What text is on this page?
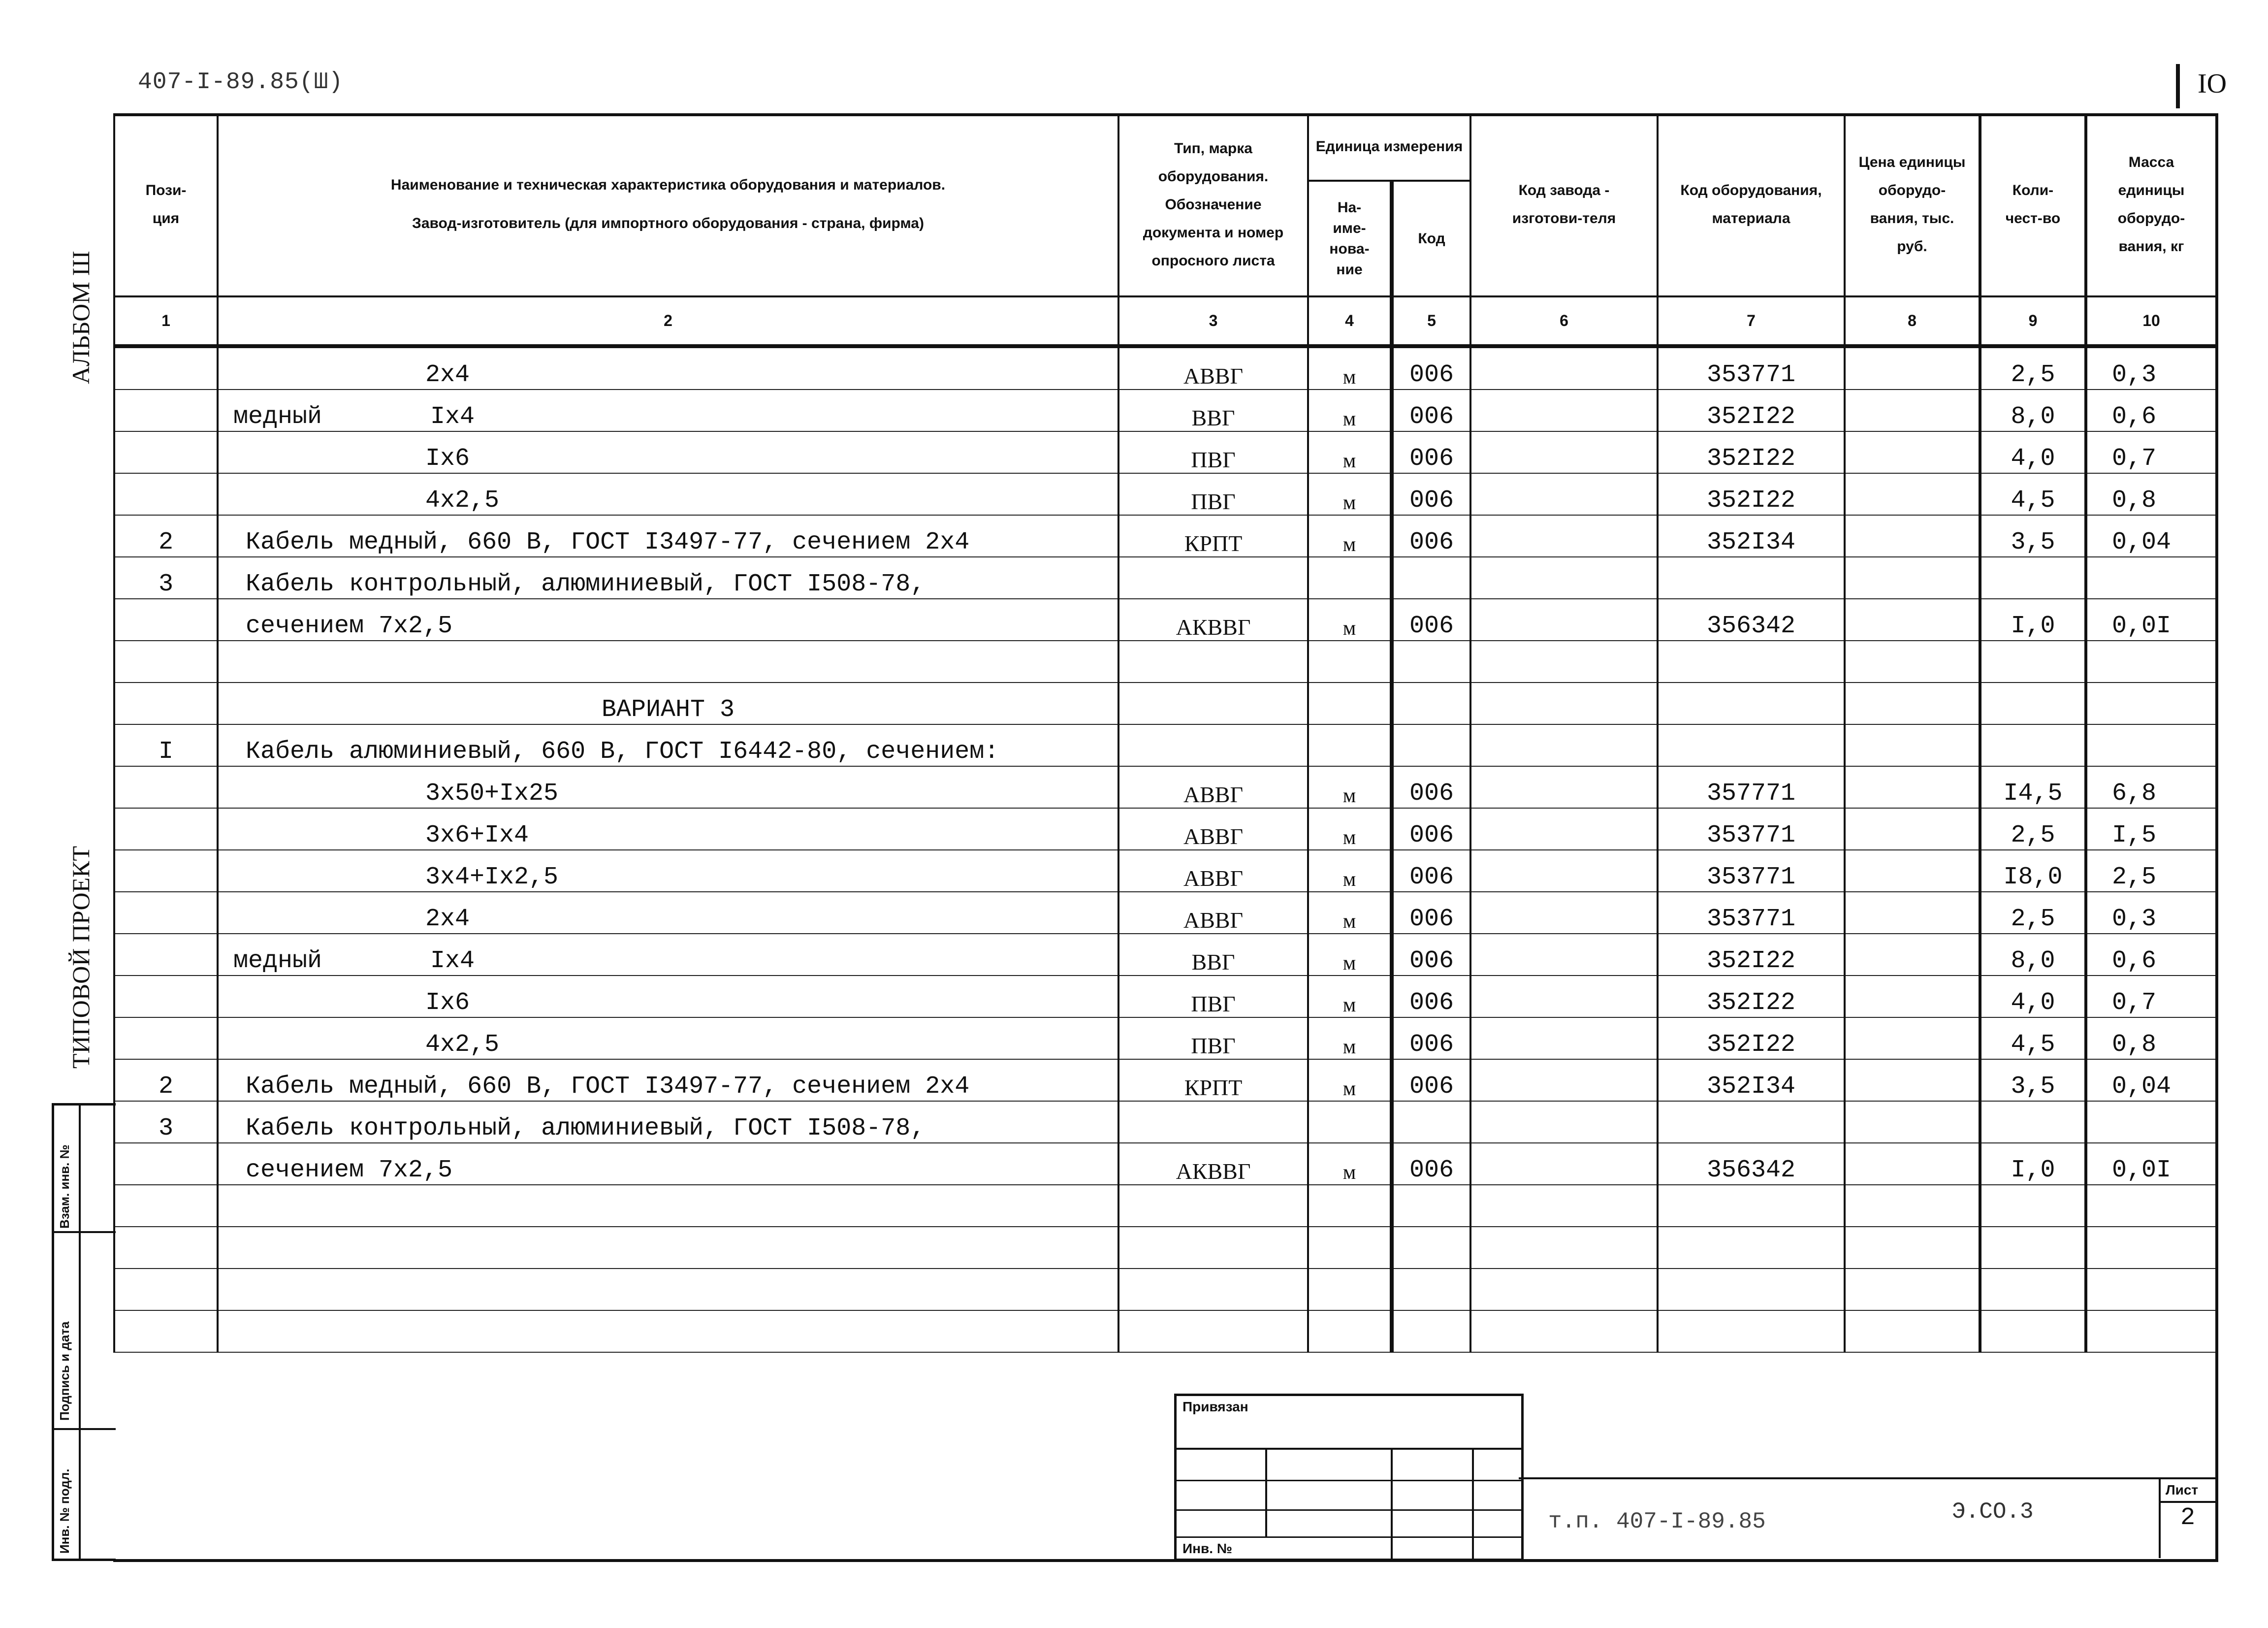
407-I-89.85(Ш)	IO
АЛЬБОМ Ш
ТИПОВОЙ ПРОЕКТ
Взам. инв. №
Подпись и дата
Инв. № подл.
Пози-
ция	Наименование и техническая характеристика оборудования и материалов.
Завод-изготовитель (для импортного оборудования - страна, фирма)	Тип, марка оборудования. Обозначение документа и номер опросного листа	Единица измерения		Код завода - изготови-теля	Код оборудования, материала	Цена единицы оборудо-вания, тыс. руб.	Коли-чест-во	Масса единицы оборудо-вания, кг
			На-име-нова-ние	Код					
1	2	3	4	5	6	7	8	9	10
	2x4	АВВГ	м	006		353771		2,5	0,3
	медный Iх4	ВВГ	м	006		352I22		8,0	0,6
	Iх6	ПВГ	м	006		352I22		4,0	0,7
	4х2,5	ПВГ	м	006		352I22		4,5	0,8
2	Кабель медный, 660 В, ГОСТ I3497-77, сечением 2x4	КРПТ	м	006		352I34		3,5	0,04
3	Кабель контрольный, алюминиевый, ГОСТ I508-78,								
	сечением 7х2,5	АКВВГ	м	006		356342		I,0	0,0I

	ВАРИАНТ 3								
I	Кабель алюминиевый, 660 В, ГОСТ I6442-80, сечением:								
	3х50+Iх25	АВВГ	м	006		357771		I4,5	6,8
	3х6+Iх4	АВВГ	м	006		353771		2,5	I,5
	3х4+Iх2,5	АВВГ	м	006		353771		I8,0	2,5
	2х4	АВВГ	м	006		353771		2,5	0,3
	медный Iх4	ВВГ	м	006		352I22		8,0	0,6
	Iх6	ПВГ	м	006		352I22		4,0	0,7
	4х2,5	ПВГ	м	006		352I22		4,5	0,8
2	Кабель медный, 660 В, ГОСТ I3497-77, сечением 2х4	КРПТ	м	006		352I34		3,5	0,04
3	Кабель контрольный, алюминиевый, ГОСТ I508-78,								
	сечением 7х2,5	АКВВГ	м	006		356342		I,0	0,0I

Привязан
Инв. №
т.п. 407-I-89.85	Э.СО.3
Лист
2
